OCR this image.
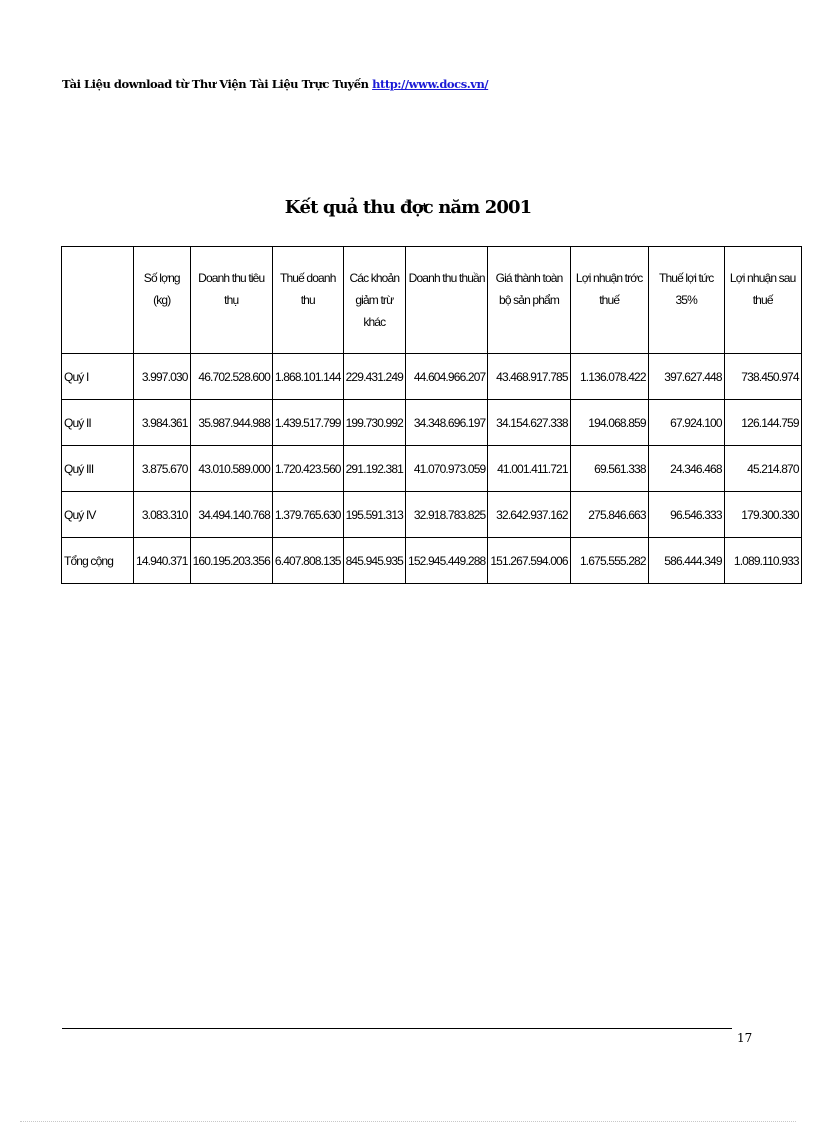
Tài Liệu download từ Thư Viện Tài Liệu Trực Tuyến http://www.docs.vn/
Kết quả thu đợc năm 2001
	Số lợng (kg)	Doanh thu tiêu thụ	Thuế doanh thu	Các khoản giảm trừ khác	Doanh thu thuần	Giá thành toàn bộ sản phẩm	Lợi nhuận trớc thuế	Thuế lợi tức 35%	Lợi nhuận sau thuế
Quý I	3.997.030	46.702.528.600	1.868.101.144	229.431.249	44.604.966.207	43.468.917.785	1.136.078.422	397.627.448	738.450.974
Quý II	3.984.361	35.987.944.988	1.439.517.799	199.730.992	34.348.696.197	34.154.627.338	194.068.859	67.924.100	126.144.759
Quý III	3.875.670	43.010.589.000	1.720.423.560	291.192.381	41.070.973.059	41.001.411.721	69.561.338	24.346.468	45.214.870
Quý IV	3.083.310	34.494.140.768	1.379.765.630	195.591.313	32.918.783.825	32.642.937.162	275.846.663	96.546.333	179.300.330
Tổng cộng	14.940.371	160.195.203.356	6.407.808.135	845.945.935	152.945.449.288	151.267.594.006	1.675.555.282	586.444.349	1.089.110.933
17
